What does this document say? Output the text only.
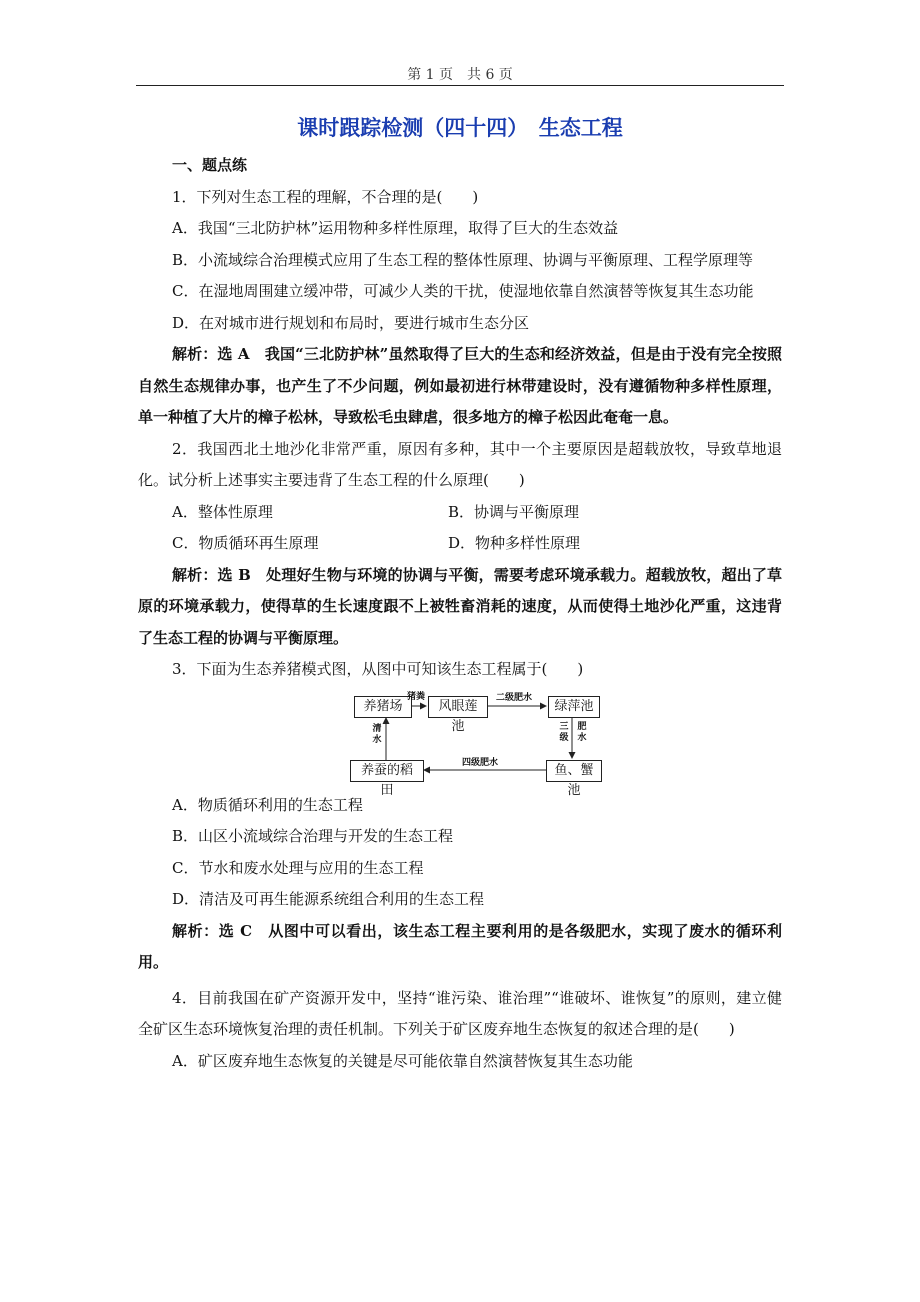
第 1 页　共 6 页
课时跟踪检测（四十四）　生态工程

一、题点练

1．下列对生态工程的理解，不合理的是(　　)

A．我国“三北防护林”运用物种多样性原理，取得了巨大的生态效益

B．小流域综合治理模式应用了生态工程的整体性原理、协调与平衡原理、工程学原理等

C．在湿地周围建立缓冲带，可减少人类的干扰，使湿地依靠自然演替等恢复其生态功能

D．在对城市进行规划和布局时，要进行城市生态分区

解析：选 A　我国“三北防护林”虽然取得了巨大的生态和经济效益，但是由于没有完全按照自然生态规律办事，也产生了不少问题，例如最初进行林带建设时，没有遵循物种多样性原理，单一种植了大片的樟子松林，导致松毛虫肆虐，很多地方的樟子松因此奄奄一息。

2．我国西北土地沙化非常严重，原因有多种，其中一个主要原因是超载放牧，导致草地退化。试分析上述事实主要违背了生态工程的什么原理(　　)

A．整体性原理	B．协调与平衡原理
C．物质循环再生原理	D．物种多样性原理

解析：选 B　处理好生物与环境的协调与平衡，需要考虑环境承载力。超载放牧，超出了草原的环境承载力，使得草的生长速度跟不上被牲畜消耗的速度，从而使得土地沙化严重，这违背了生态工程的协调与平衡原理。

3．下面为生态养猪模式图，从图中可知该生态工程属于(　　)

养猪场	风眼莲池
绿萍池
鱼、蟹池
养蚕的稻田
猪粪	二级肥水
三级
肥水
四级肥水
清水

A．物质循环利用的生态工程

B．山区小流域综合治理与开发的生态工程

C．节水和废水处理与应用的生态工程

D．清洁及可再生能源系统组合利用的生态工程

解析：选 C　从图中可以看出，该生态工程主要利用的是各级肥水，实现了废水的循环利用。

4．目前我国在矿产资源开发中，坚持“谁污染、谁治理”“谁破坏、谁恢复”的原则，建立健全矿区生态环境恢复治理的责任机制。下列关于矿区废弃地生态恢复的叙述合理的是(　　)

A．矿区废弃地生态恢复的关键是尽可能依靠自然演替恢复其生态功能
